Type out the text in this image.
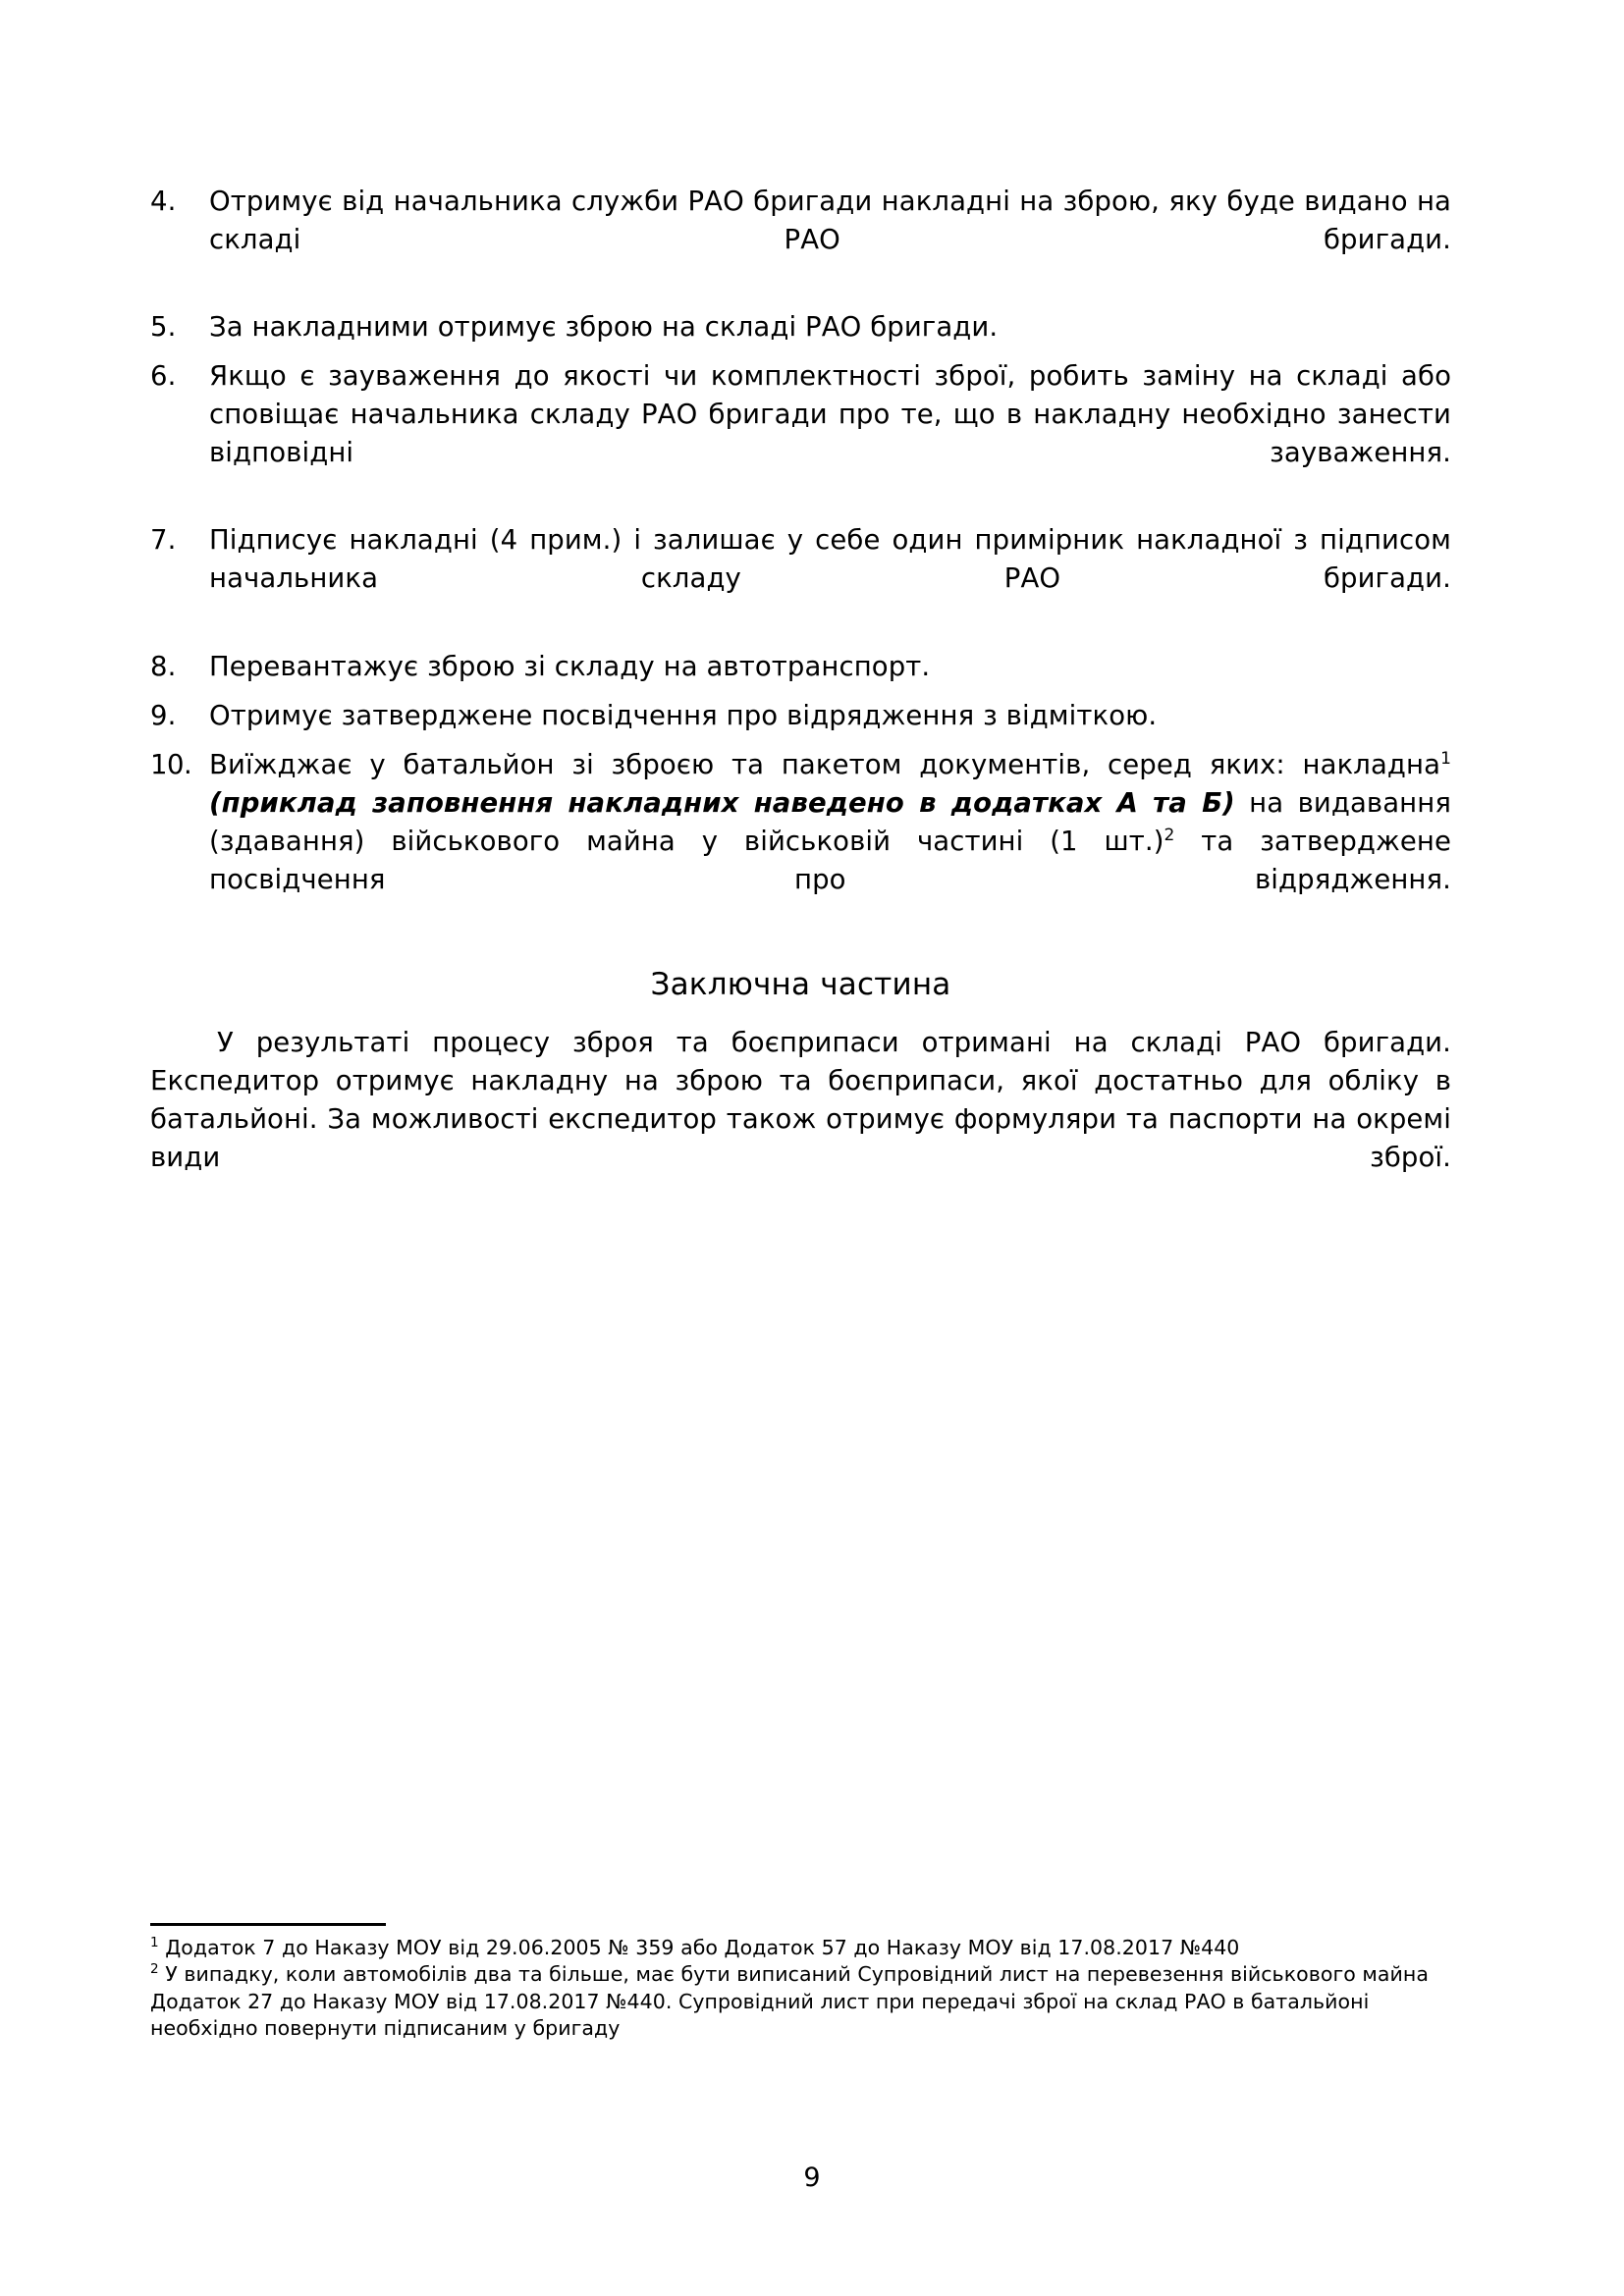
4.	Отримує від начальника служби РАО бригади накладні на зброю, яку буде видано на складі РАО бригади.
5.	За накладними отримує зброю на складі РАО бригади.
6.	Якщо є зауваження до якості чи комплектності зброї, робить заміну на складі або сповіщає начальника складу РАО бригади про те, що в накладну необхідно занести відповідні зауваження.
7.	Підписує накладні (4 прим.) і залишає у себе один примірник накладної з підписом начальника складу РАО бригади.
8.	Перевантажує зброю зі складу на автотранспорт.
9.	Отримує затверджене посвідчення про відрядження з відміткою.
10. Виїжджає у батальйон зі зброєю та пакетом документів, серед яких: накладна$^1$ (приклад заповнення накладних наведено в додатках А та Б) на видавання (здавання) військового майна у військовій частині (1 шт.)$^2$ та затверджене посвідчення про відрядження.
Заключна частина

У результаті процесу зброя та боєприпаси отримані на складі РАО бригади. Експедитор отримує накладну на зброю та боєприпаси, якої достатньо для обліку в батальйоні. За можливості експедитор також отримує формуляри та паспорти на окремі види зброї.

$^1$ Додаток 7 до Наказу МОУ від 29.06.2005 № 359 або Додаток 57 до Наказу МОУ від 17.08.2017 №440

$^2$ У випадку, коли автомобілів два та більше, має бути виписаний Супровідний лист на перевезення військового майна Додаток 27 до Наказу МОУ від 17.08.2017 №440. Супровідний лист при передачі зброї на склад РАО в батальйоні необхідно повернути підписаним у бригаду

9
